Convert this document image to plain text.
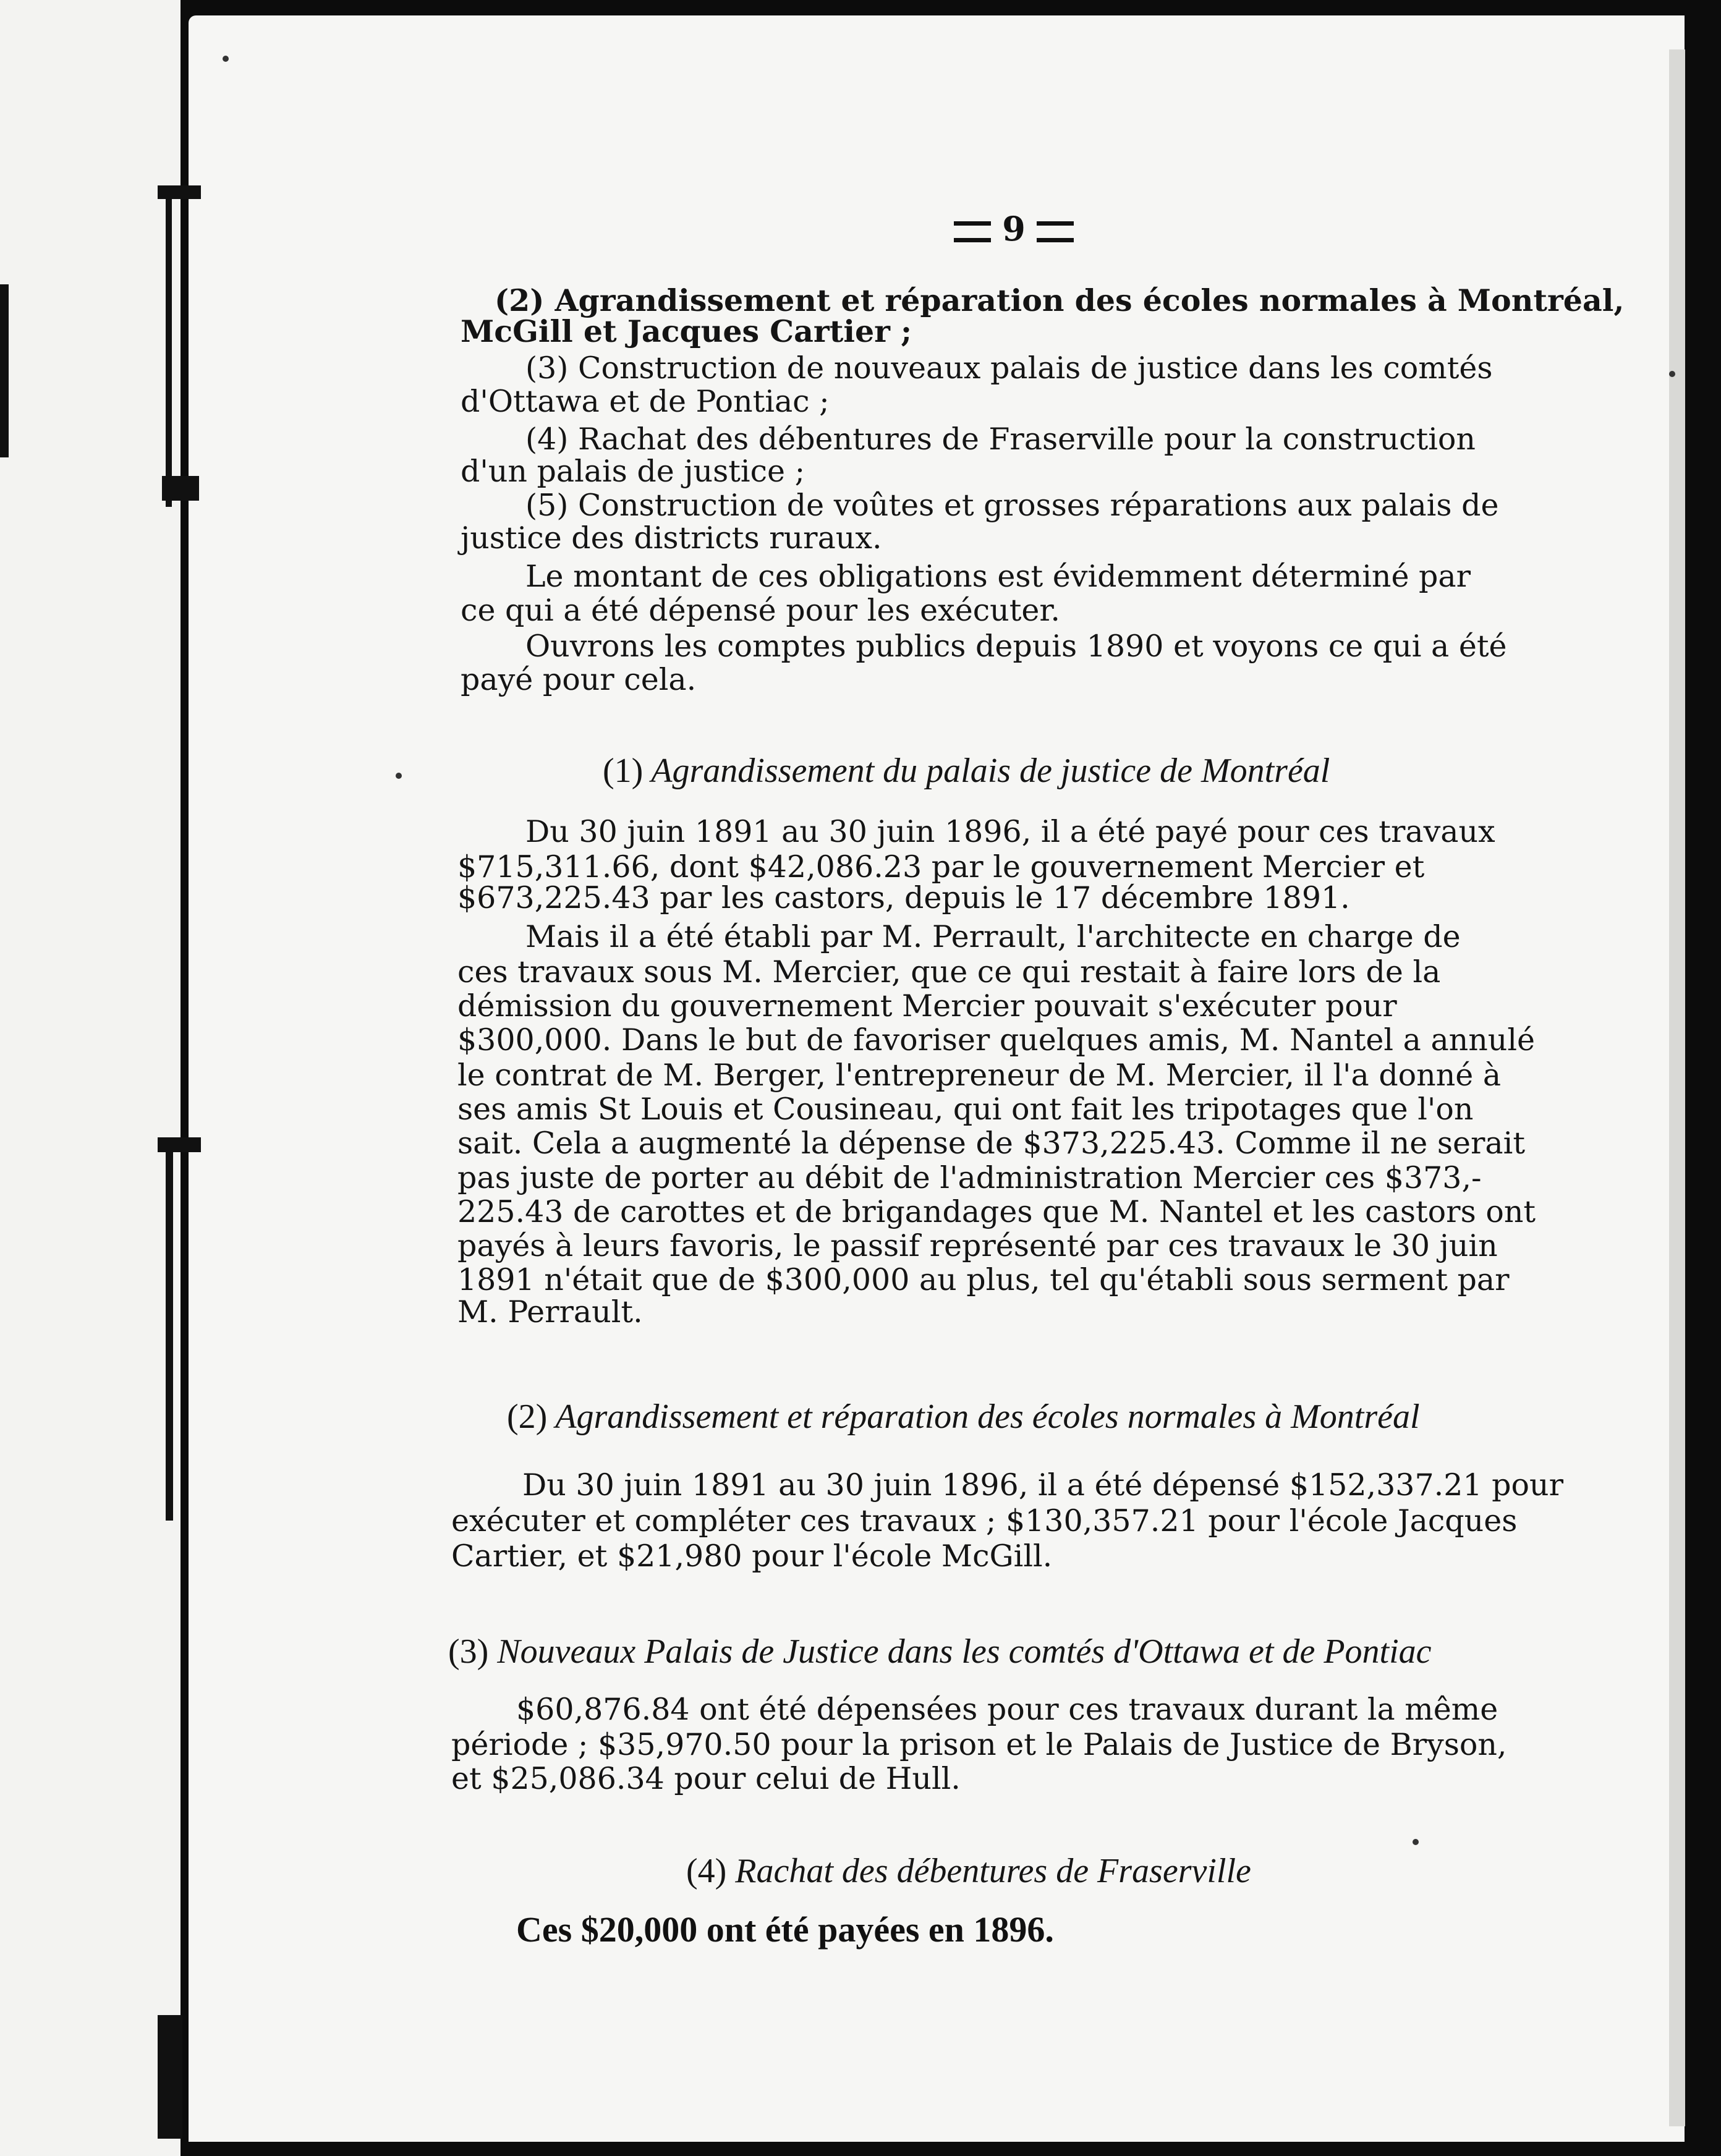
9
(2) Agrandissement et réparation des écoles normales à Montréal,
McGill et Jacques Cartier ;
(3) Construction de nouveaux palais de justice dans les comtés
d'Ottawa et de Pontiac ;
(4) Rachat des débentures de Fraserville pour la construction
d'un palais de justice ;
(5) Construction de voûtes et grosses réparations aux palais de
justice des districts ruraux.
Le montant de ces obligations est évidemment déterminé par
ce qui a été dépensé pour les exécuter.
Ouvrons les comptes publics depuis 1890 et voyons ce qui a été
payé pour cela.
(1) Agrandissement du palais de justice de Montréal
Du 30 juin 1891 au 30 juin 1896, il a été payé pour ces travaux
$715,311.66, dont $42,086.23 par le gouvernement Mercier et
$673,225.43 par les castors, depuis le 17 décembre 1891.
Mais il a été établi par M. Perrault, l'architecte en charge de
ces travaux sous M. Mercier, que ce qui restait à faire lors de la
démission du gouvernement Mercier pouvait s'exécuter pour
$300,000. Dans le but de favoriser quelques amis, M. Nantel a annulé
le contrat de M. Berger, l'entrepreneur de M. Mercier, il l'a donné à
ses amis St Louis et Cousineau, qui ont fait les tripotages que l'on
sait. Cela a augmenté la dépense de $373,225.43. Comme il ne serait
pas juste de porter au débit de l'administration Mercier ces $373,-
225.43 de carottes et de brigandages que M. Nantel et les castors ont
payés à leurs favoris, le passif représenté par ces travaux le 30 juin
1891 n'était que de $300,000 au plus, tel qu'établi sous serment par
M. Perrault.
(2) Agrandissement et réparation des écoles normales à Montréal
Du 30 juin 1891 au 30 juin 1896, il a été dépensé $152,337.21 pour
exécuter et compléter ces travaux ; $130,357.21 pour l'école Jacques
Cartier, et $21,980 pour l'école McGill.
(3) Nouveaux Palais de Justice dans les comtés d'Ottawa et de Pontiac
$60,876.84 ont été dépensées pour ces travaux durant la même
période ; $35,970.50 pour la prison et le Palais de Justice de Bryson,
et $25,086.34 pour celui de Hull.
(4) Rachat des débentures de Fraserville
Ces $20,000 ont été payées en 1896.
